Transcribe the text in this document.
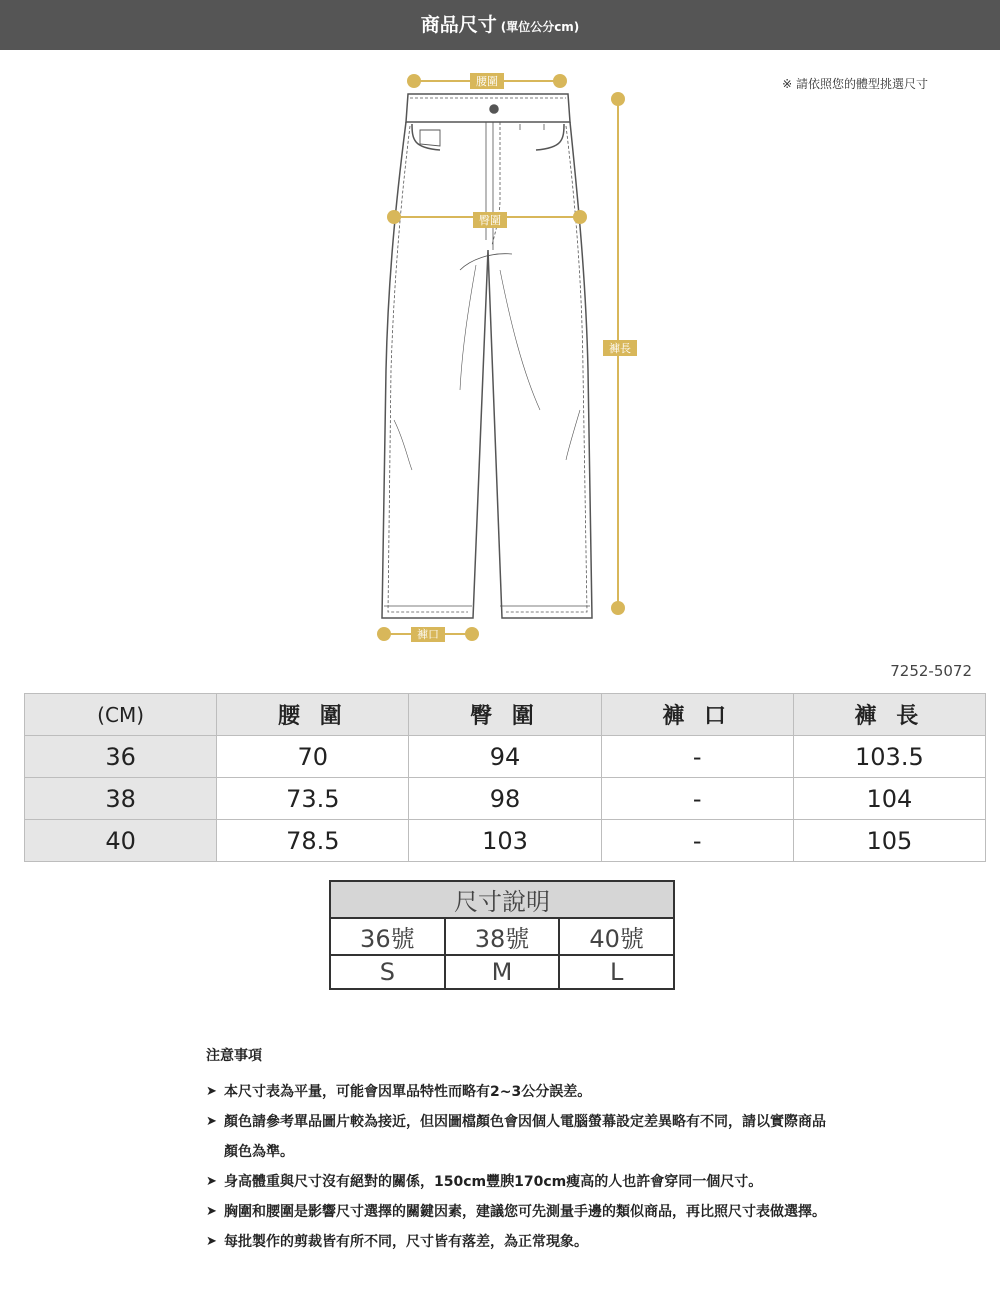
商品尺寸 (單位公分cm)
※ 請依照您的體型挑選尺寸
腰圍
臀圍
褲長
褲口
7252-5072
(CM)	腰 圍	臀 圍	褲 口	褲 長
36	70	94	-	103.5
38	73.5	98	-	104
40	78.5	103	-	105
尺寸說明		
36號	38號	40號
S	M	L
注意事項

➤ 本尺寸表為平量，可能會因單品特性而略有2~3公分誤差。

➤ 顏色請參考單品圖片較為接近，但因圖檔顏色會因個人電腦螢幕設定差異略有不同，請以實際商品顏色為準。

➤ 身高體重與尺寸沒有絕對的關係，150cm豐腴170cm瘦高的人也許會穿同一個尺寸。

➤ 胸圍和腰圍是影響尺寸選擇的關鍵因素，建議您可先測量手邊的類似商品，再比照尺寸表做選擇。

➤ 每批製作的剪裁皆有所不同，尺寸皆有落差，為正常現象。
